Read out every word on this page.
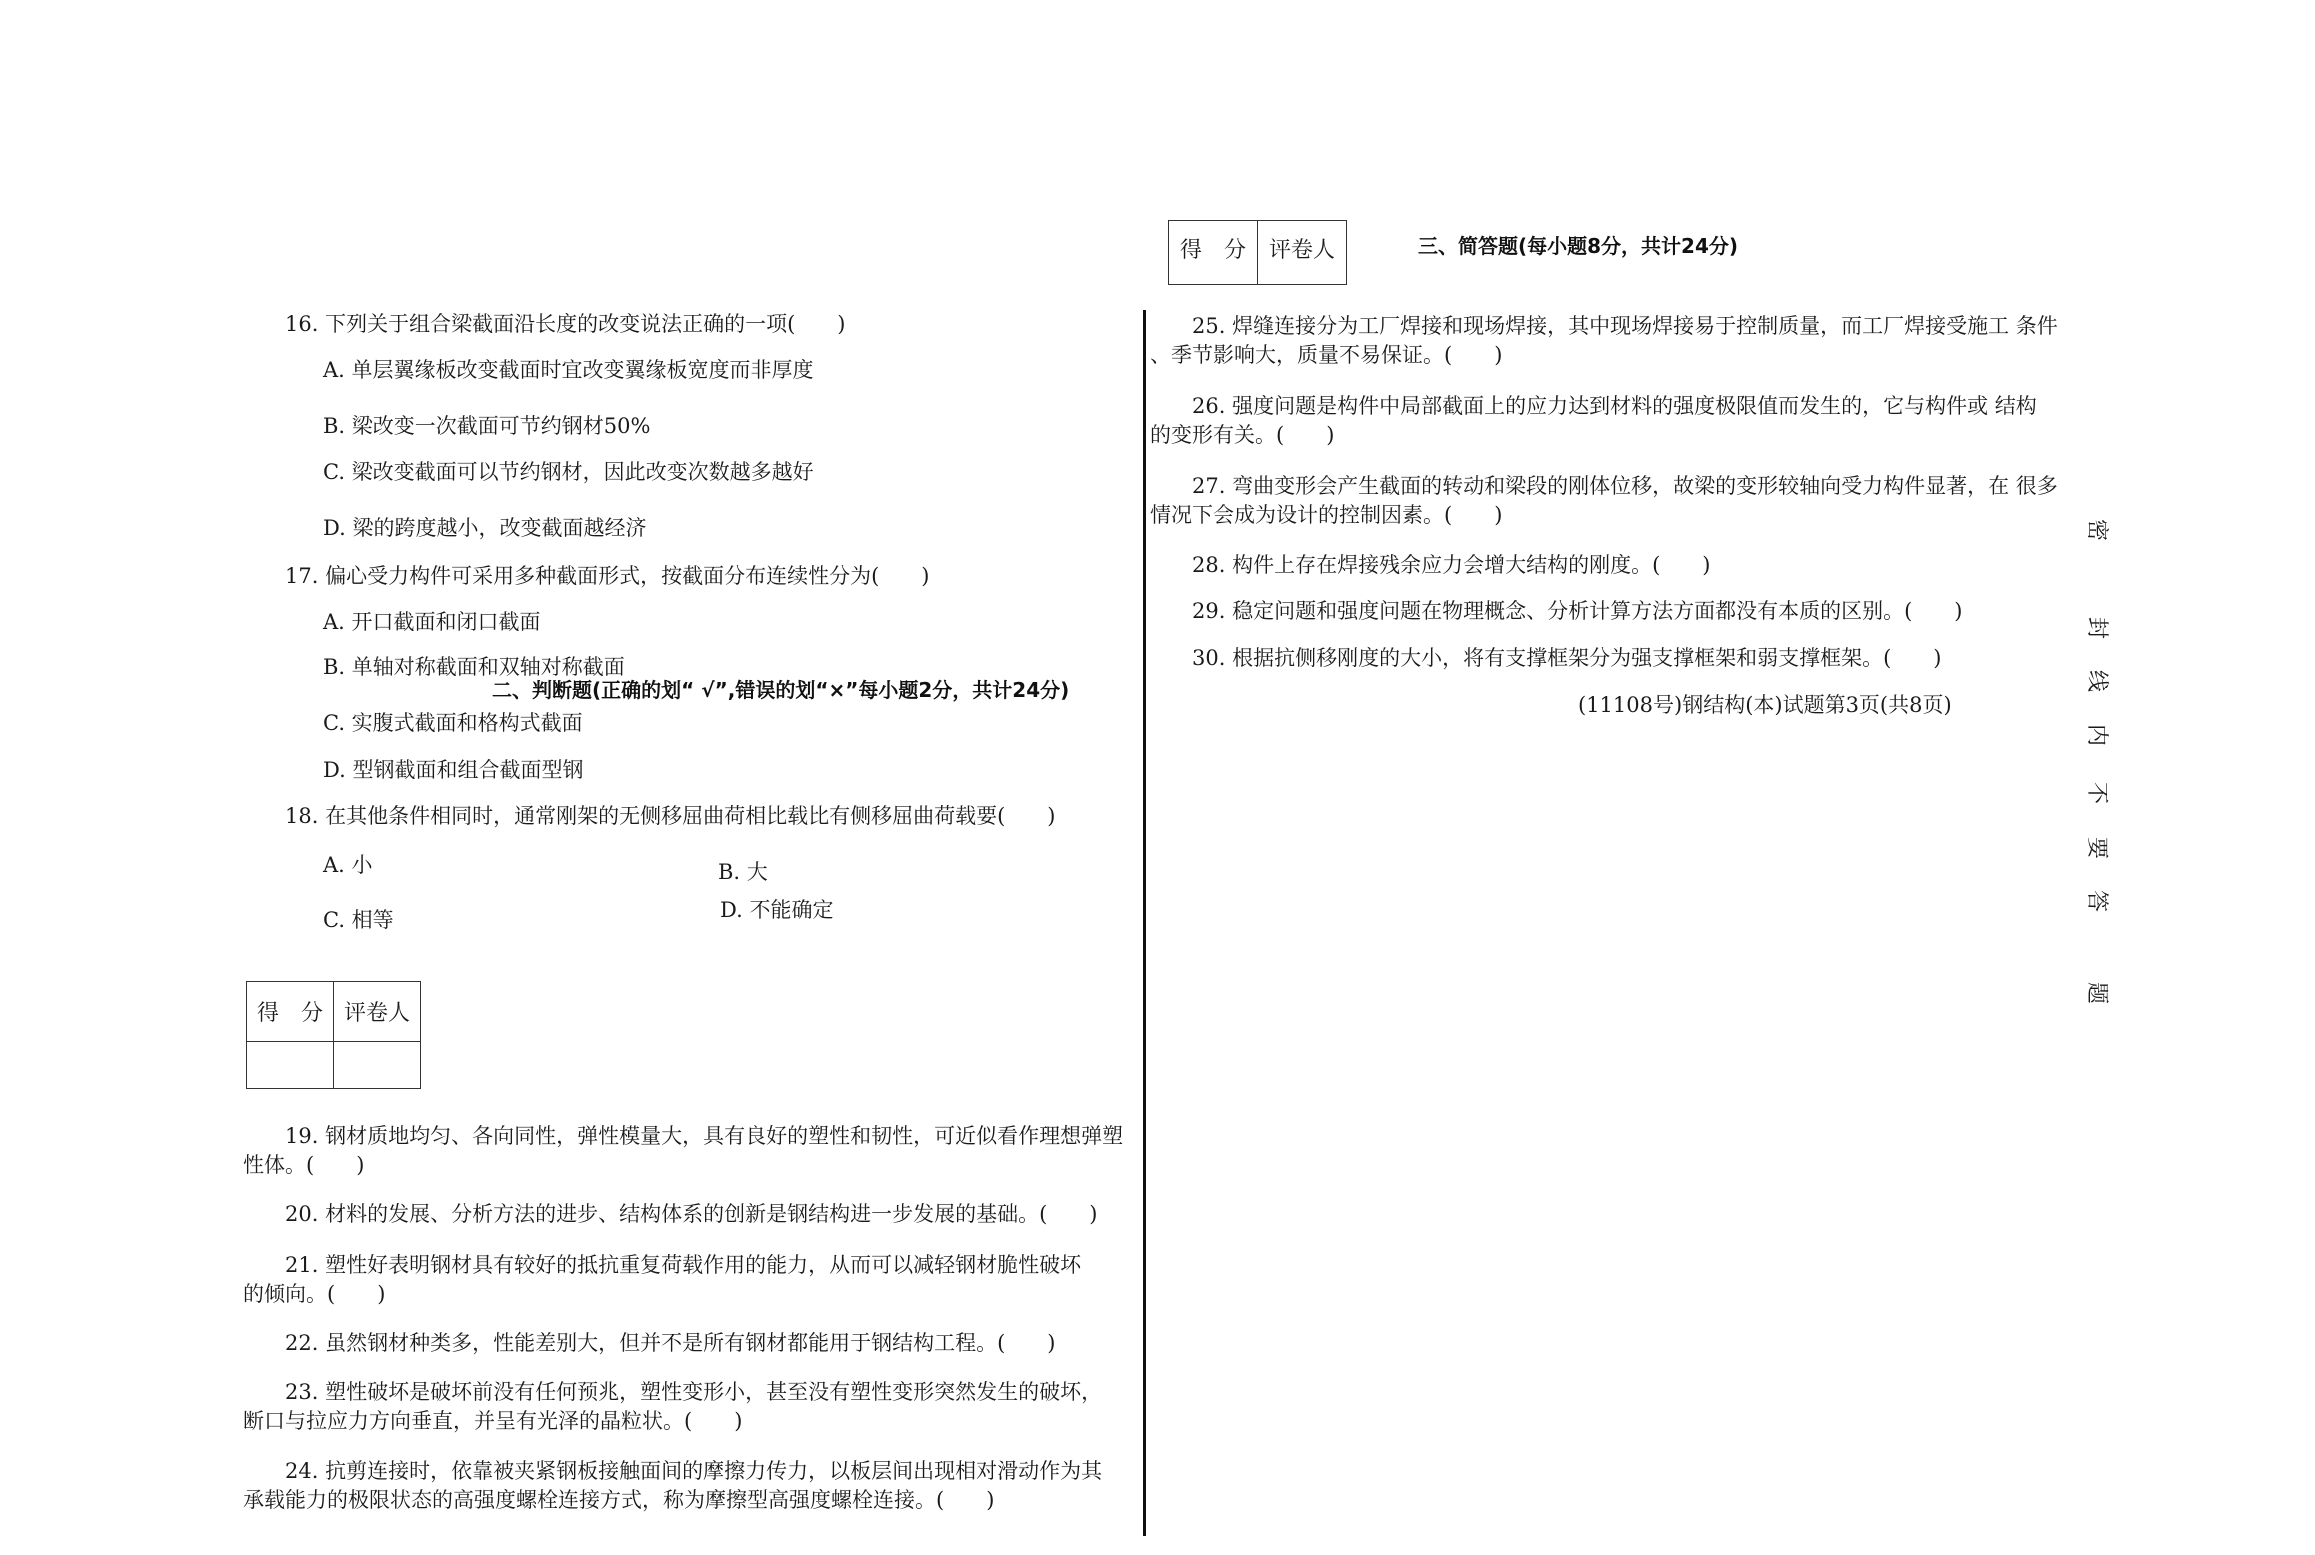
得　分	评卷人	三、简答题(每小题8分，共计24分)
16. 下列关于组合梁截面沿长度的改变说法正确的一项(　　)
A. 单层翼缘板改变截面时宜改变翼缘板宽度而非厚度
B. 梁改变一次截面可节约钢材50%
C. 梁改变截面可以节约钢材，因此改变次数越多越好
D. 梁的跨度越小，改变截面越经济
17. 偏心受力构件可采用多种截面形式，按截面分布连续性分为(　　)
A. 开口截面和闭口截面
B. 单轴对称截面和双轴对称截面
二、判断题(正确的划“ √”,错误的划“×”每小题2分，共计24分)
C. 实腹式截面和格构式截面
D. 型钢截面和组合截面型钢
18. 在其他条件相同时，通常刚架的无侧移屈曲荷相比载比有侧移屈曲荷载要(　　)
A. 小	B. 大
C. 相等	D. 不能确定
得　分	评卷人

19. 钢材质地均匀、各向同性，弹性模量大，具有良好的塑性和韧性，可近似看作理想弹塑
性体。(　　)
20. 材料的发展、分析方法的进步、结构体系的创新是钢结构进一步发展的基础。(　　)
21. 塑性好表明钢材具有较好的抵抗重复荷载作用的能力，从而可以减轻钢材脆性破坏
的倾向。(　　)
22. 虽然钢材种类多，性能差别大，但并不是所有钢材都能用于钢结构工程。(　　)
23. 塑性破坏是破坏前没有任何预兆，塑性变形小，甚至没有塑性变形突然发生的破坏，
断口与拉应力方向垂直，并呈有光泽的晶粒状。(　　)
24. 抗剪连接时，依靠被夹紧钢板接触面间的摩擦力传力，以板层间出现相对滑动作为其
承载能力的极限状态的高强度螺栓连接方式，称为摩擦型高强度螺栓连接。(　　)
25. 焊缝连接分为工厂焊接和现场焊接，其中现场焊接易于控制质量，而工厂焊接受施工 条件
、季节影响大，质量不易保证。(　　)
26. 强度问题是构件中局部截面上的应力达到材料的强度极限值而发生的，它与构件或 结构
的变形有关。(　　)
27. 弯曲变形会产生截面的转动和梁段的刚体位移，故梁的变形较轴向受力构件显著，在 很多
情况下会成为设计的控制因素。(　　)
28. 构件上存在焊接残余应力会增大结构的刚度。(　　)
29. 稳定问题和强度问题在物理概念、分析计算方法方面都没有本质的区别。(　　)
30. 根据抗侧移刚度的大小，将有支撑框架分为强支撑框架和弱支撑框架。(　　)
(11108号)钢结构(本)试题第3页(共8页)
密
封
线
内
不
要
答
题
